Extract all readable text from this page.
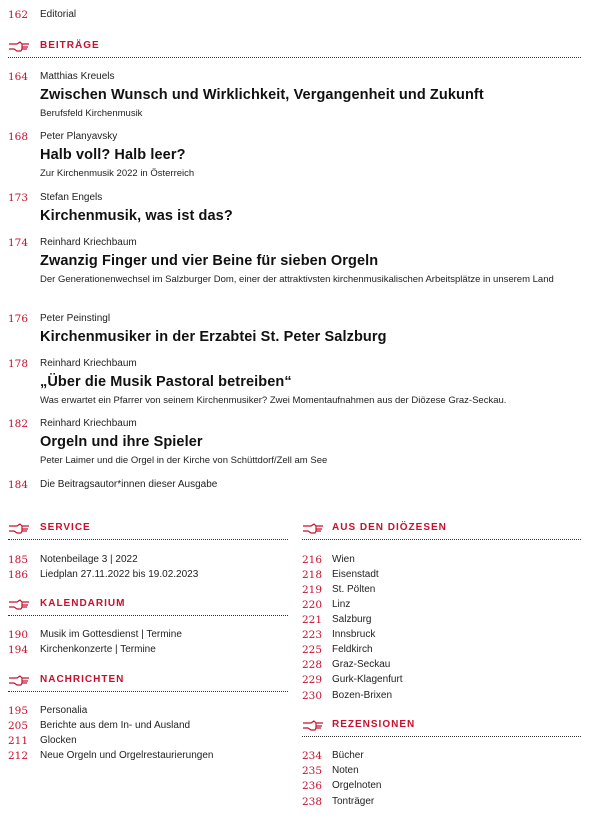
162	Editorial
BEITRÄGE
164	Matthias Kreuels
Zwischen Wunsch und Wirklichkeit, Vergangenheit und Zukunft
Berufsfeld Kirchenmusik
168	Peter Planyavsky
Halb voll? Halb leer?
Zur Kirchenmusik 2022 in Österreich
173	Stefan Engels
Kirchenmusik, was ist das?
174	Reinhard Kriechbaum
Zwanzig Finger und vier Beine für sieben Orgeln
Der Generationenwechsel im Salzburger Dom, einer der attraktivsten kirchenmusikalischen Arbeitsplätze in unserem Land
176	Peter Peinstingl
Kirchenmusiker in der Erzabtei St. Peter Salzburg
178	Reinhard Kriechbaum
„Über die Musik Pastoral betreiben“
Was erwartet ein Pfarrer von seinem Kirchenmusiker? Zwei Momentaufnahmen aus der Diözese Graz-Seckau.
182	Reinhard Kriechbaum
Orgeln und ihre Spieler
Peter Laimer und die Orgel in der Kirche von Schüttdorf/Zell am See
184	Die Beitragsautor*innen dieser Ausgabe
SERVICE
185 Notenbeilage 3 | 2022
186 Liedplan 27.11.2022 bis 19.02.2023
KALENDARIUM
190 Musik im Gottesdienst | Termine
194 Kirchenkonzerte | Termine
NACHRICHTEN
195 Personalia
205 Berichte aus dem In- und Ausland
211 Glocken
212 Neue Orgeln und Orgelrestaurierungen
AUS DEN DIÖZESEN
216 Wien
218 Eisenstadt
219 St. Pölten
220 Linz
221 Salzburg
223 Innsbruck
225 Feldkirch
228 Graz-Seckau
229 Gurk-Klagenfurt
230 Bozen-Brixen
REZENSIONEN
234 Bücher
235 Noten
236 Orgelnoten
238 Tonträger
